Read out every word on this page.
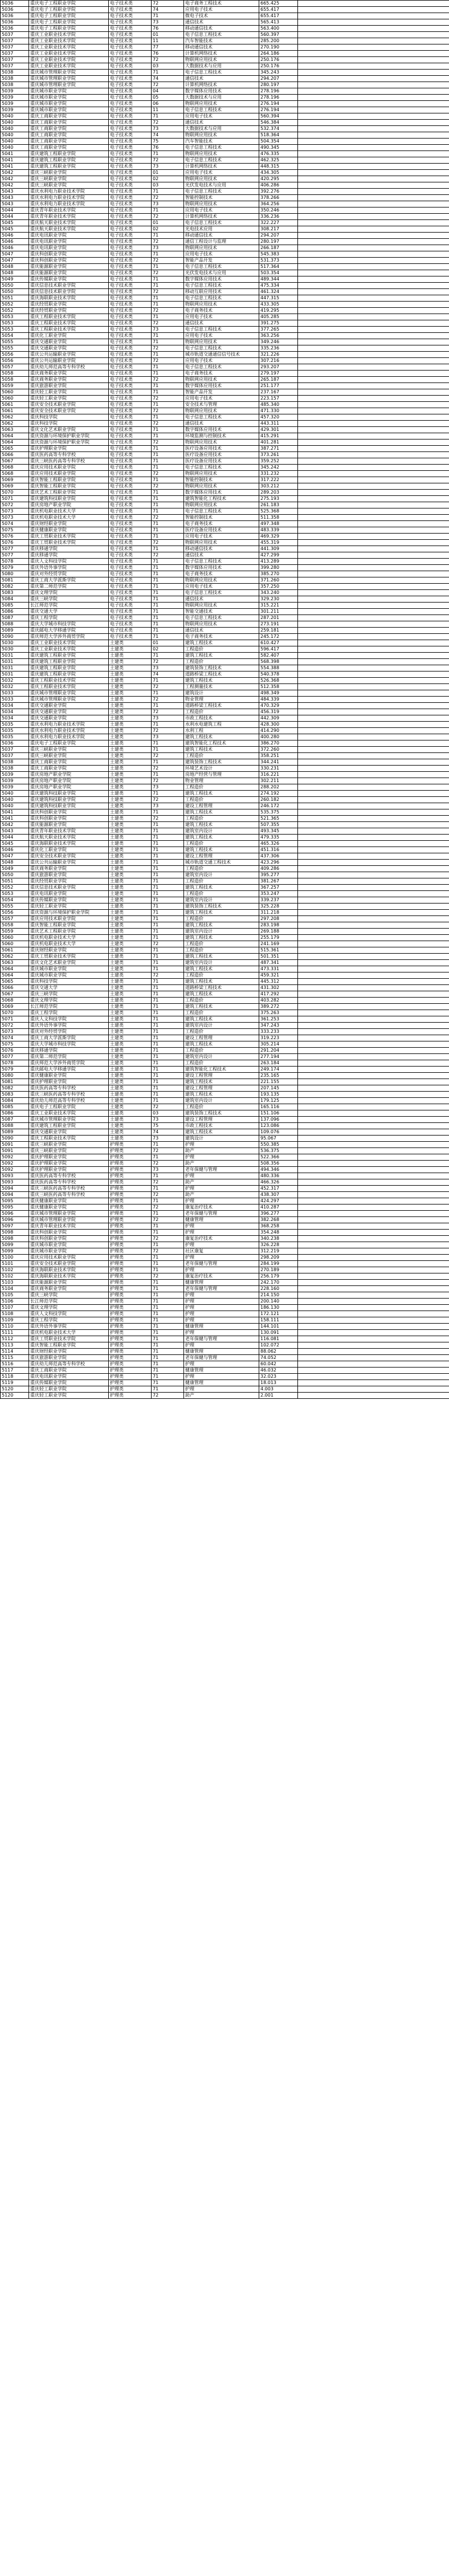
5036	重庆电子工程职业学院	电子技术类	72	电子商务工程技术	665.425	
5036	重庆电子工程职业学院	电子技术类	74	应用电子技术	655.417	
5036	重庆电子工程职业学院	电子技术类	71	微电子技术	655.417	
5036	重庆电子工程职业学院	电子技术类	73	通信技术	565.413	
5036	重庆电子工程职业学院	电子技术类	76	移动通信技术	563.400	
5037	重庆工业职业技术学院	电子技术类	01	电子信息工程技术	560.397	
5037	重庆工业职业技术学院	电子技术类	11	汽车智能技术	285.200	
5037	重庆工业职业技术学院	电子技术类	77	移动通信技术	270.190	
5037	重庆工业职业技术学院	电子技术类	76	计算机网络技术	264.186	
5037	重庆工业职业技术学院	电子技术类	72	物联网应用技术	250.176	
5037	重庆工业职业技术学院	电子技术类	03	大数据技术与应用	250.176	
5038	重庆城市管理职业学院	电子技术类	71	电子信息工程技术	345.243	
5038	重庆城市管理职业学院	电子技术类	74	通信技术	294.207	
5038	重庆城市管理职业学院	电子技术类	72	计算机网络技术	280.197	
5039	重庆城市职业学院	电子技术类	04	数字媒体应用技术	278.196	
5039	重庆城市职业学院	电子技术类	05	大数据技术与应用	278.196	
5039	重庆城市职业学院	电子技术类	06	物联网应用技术	276.194	
5039	重庆城市职业学院	电子技术类	11	电子信息工程技术	276.194	
5040	重庆工商职业学院	电子技术类	71	应用电子技术	560.394	
5040	重庆工商职业学院	电子技术类	72	通信技术	546.384	
5040	重庆工商职业学院	电子技术类	73	大数据技术与应用	532.374	
5040	重庆工商职业学院	电子技术类	74	物联网应用技术	518.364	
5040	重庆工商职业学院	电子技术类	75	汽车智能技术	504.354	
5040	重庆工商职业学院	电子技术类	76	电子信息工程技术	490.345	
5041	重庆建筑工程职业学院	电子技术类	71	物联网应用技术	476.335	
5041	重庆建筑工程职业学院	电子技术类	72	电子信息工程技术	462.325	
5041	重庆建筑工程职业学院	电子技术类	73	计算机网络技术	448.315	
5042	重庆三峡职业学院	电子技术类	01	应用电子技术	434.305	
5042	重庆三峡职业学院	电子技术类	02	物联网应用技术	420.295	
5042	重庆三峡职业学院	电子技术类	03	光伏发电技术与应用	406.286	
5043	重庆水利电力职业技术学院	电子技术类	71	电子信息工程技术	392.276	
5043	重庆水利电力职业技术学院	电子技术类	72	智能控制技术	378.266	
5043	重庆水利电力职业技术学院	电子技术类	73	物联网应用技术	364.256	
5044	重庆青年职业技术学院	电子技术类	71	应用电子技术	350.246	
5044	重庆青年职业技术学院	电子技术类	72	计算机网络技术	336.236	
5045	重庆航天职业技术学院	电子技术类	01	电子信息工程技术	322.227	
5045	重庆航天职业技术学院	电子技术类	02	光电技术应用	308.217	
5046	重庆电讯职业学院	电子技术类	71	移动通信技术	294.207	
5046	重庆电讯职业学院	电子技术类	72	通信工程设计与监理	280.197	
5046	重庆电讯职业学院	电子技术类	73	物联网应用技术	266.187	
5047	重庆科创职业学院	电子技术类	71	应用电子技术	545.383	
5047	重庆科创职业学院	电子技术类	72	智能产品开发	531.373	
5048	重庆能源职业学院	电子技术类	71	电子信息工程技术	517.364	
5048	重庆能源职业学院	电子技术类	72	光伏发电技术与应用	503.354	
5049	重庆传媒职业学院	电子技术类	71	数字媒体应用技术	489.344	
5050	重庆信息技术职业学院	电子技术类	71	电子信息工程技术	475.334	
5050	重庆信息技术职业学院	电子技术类	72	移动互联应用技术	461.324	
5051	重庆海联职业技术学院	电子技术类	71	电子信息工程技术	447.315	
5052	重庆经贸职业学院	电子技术类	71	物联网应用技术	433.305	
5052	重庆经贸职业学院	电子技术类	72	电子商务技术	419.295	
5053	重庆工程职业技术学院	电子技术类	71	应用电子技术	405.285	
5053	重庆工程职业技术学院	电子技术类	72	通信技术	391.275	
5053	重庆工程职业技术学院	电子技术类	73	电子信息工程技术	377.265	
5054	重庆化工职业学院	电子技术类	71	应用电子技术	363.256	
5055	重庆交通职业学院	电子技术类	71	物联网应用技术	349.246	
5055	重庆交通职业学院	电子技术类	72	电子信息工程技术	335.236	
5056	重庆公共运输职业学院	电子技术类	71	城市轨道交通通信信号技术	321.226	
5056	重庆公共运输职业学院	电子技术类	72	应用电子技术	307.216	
5057	重庆幼儿师范高等专科学校	电子技术类	71	电子信息工程技术	293.207	
5058	重庆商务职业学院	电子技术类	71	电子商务技术	279.197	
5058	重庆商务职业学院	电子技术类	72	物联网应用技术	265.187	
5059	重庆旅游职业学院	电子技术类	71	数字媒体应用技术	251.177	
5060	重庆轻工职业学院	电子技术类	71	智能产品开发	237.167	
5060	重庆轻工职业学院	电子技术类	72	应用电子技术	223.157	
5061	重庆安全技术职业学院	电子技术类	71	安全技术与管理	485.340	
5061	重庆安全技术职业学院	电子技术类	72	物联网应用技术	471.330	
5062	重庆科技学院	电子技术类	71	电子信息工程技术	457.320	
5062	重庆科技学院	电子技术类	72	通信技术	443.311	
5063	重庆文化艺术职业学院	电子技术类	71	数字媒体应用技术	429.301	
5064	重庆资源与环境保护职业学院	电子技术类	71	环境监测与控制技术	415.291	
5064	重庆资源与环境保护职业学院	电子技术类	72	物联网应用技术	401.281	
5065	重庆护理职业学院	电子技术类	71	医疗设备应用技术	387.271	
5066	重庆医药高等专科学校	电子技术类	71	医疗设备应用技术	373.261	
5067	重庆三峡医药高等专科学校	电子技术类	71	医疗设备应用技术	359.252	
5068	重庆应用技术职业学院	电子技术类	71	电子信息工程技术	345.242	
5068	重庆应用技术职业学院	电子技术类	72	物联网应用技术	331.232	
5069	重庆智能工程职业学院	电子技术类	71	智能控制技术	317.222	
5069	重庆智能工程职业学院	电子技术类	72	物联网应用技术	303.212	
5070	重庆艺术工程职业学院	电子技术类	71	数字媒体应用技术	289.203	
5071	重庆建筑科技职业学院	电子技术类	71	建筑智能化工程技术	275.193	
5072	重庆房地产职业学院	电子技术类	71	物联网应用技术	261.183	
5073	重庆机电职业技术大学	电子技术类	71	电子信息工程技术	525.368	
5073	重庆机电职业技术大学	电子技术类	72	智能控制技术	511.358	
5074	重庆财经职业学院	电子技术类	71	电子商务技术	497.348	
5075	重庆健康职业学院	电子技术类	71	医疗设备应用技术	483.339	
5076	重庆工贸职业技术学院	电子技术类	71	应用电子技术	469.329	
5076	重庆工贸职业技术学院	电子技术类	72	物联网应用技术	455.319	
5077	重庆移通学院	电子技术类	71	移动通信技术	441.309	
5077	重庆移通学院	电子技术类	72	通信技术	427.299	
5078	重庆人文科技学院	电子技术类	71	电子信息工程技术	413.289	
5079	重庆外语外事学院	电子技术类	71	数字媒体应用技术	399.280	
5080	重庆对外经贸学院	电子技术类	71	电子商务技术	385.270	
5081	重庆工商大学派斯学院	电子技术类	71	物联网应用技术	371.260	
5082	重庆第二师范学院	电子技术类	71	应用电子技术	357.250	
5083	重庆文理学院	电子技术类	71	电子信息工程技术	343.240	
5084	重庆三峡学院	电子技术类	71	通信技术	329.230	
5085	长江师范学院	电子技术类	71	物联网应用技术	315.221	
5086	重庆交通大学	电子技术类	71	智能交通技术	301.211	
5087	重庆工程学院	电子技术类	71	电子信息工程技术	287.201	
5088	重庆大学城市科技学院	电子技术类	71	物联网应用技术	273.191	
5089	重庆邮电大学移通学院	电子技术类	71	通信技术	259.181	
5090	重庆师范大学涉外商贸学院	电子技术类	71	电子商务技术	245.172	
5030	重庆工业职业技术学院	土建类	01	建筑工程技术	610.427	
5030	重庆工业职业技术学院	土建类	02	工程造价	596.417	
5031	重庆建筑工程职业学院	土建类	71	建筑工程技术	582.407	
5031	重庆建筑工程职业学院	土建类	72	工程造价	568.398	
5031	重庆建筑工程职业学院	土建类	73	建筑装饰工程技术	554.388	
5031	重庆建筑工程职业学院	土建类	74	道路桥梁工程技术	540.378	
5032	重庆工程职业技术学院	土建类	71	建筑工程技术	526.368	
5032	重庆工程职业技术学院	土建类	72	工程测量技术	512.358	
5033	重庆城市管理职业学院	土建类	71	建筑设计	498.349	
5033	重庆城市管理职业学院	土建类	72	物业管理	484.339	
5034	重庆交通职业学院	土建类	71	道路桥梁工程技术	470.329	
5034	重庆交通职业学院	土建类	72	工程造价	456.319	
5034	重庆交通职业学院	土建类	73	市政工程技术	442.309	
5035	重庆水利电力职业技术学院	土建类	71	水利水电建筑工程	428.300	
5035	重庆水利电力职业技术学院	土建类	72	水利工程	414.290	
5035	重庆水利电力职业技术学院	土建类	73	建筑工程技术	400.280	
5036	重庆电子工程职业学院	土建类	71	建筑智能化工程技术	386.270	
5037	重庆三峡职业学院	土建类	71	建筑工程技术	372.260	
5037	重庆三峡职业学院	土建类	72	工程造价	358.251	
5038	重庆工商职业学院	土建类	71	建筑装饰工程技术	344.241	
5038	重庆工商职业学院	土建类	72	环境艺术设计	330.231	
5039	重庆房地产职业学院	土建类	71	房地产经营与管理	316.221	
5039	重庆房地产职业学院	土建类	72	物业管理	302.211	
5039	重庆房地产职业学院	土建类	73	工程造价	288.202	
5040	重庆建筑科技职业学院	土建类	71	建筑工程技术	274.192	
5040	重庆建筑科技职业学院	土建类	72	工程造价	260.182	
5040	重庆建筑科技职业学院	土建类	73	建设工程管理	246.172	
5041	重庆科创职业学院	土建类	71	建筑工程技术	535.375	
5041	重庆科创职业学院	土建类	72	工程造价	521.365	
5042	重庆能源职业学院	土建类	71	建筑工程技术	507.355	
5043	重庆青年职业技术学院	土建类	71	建筑室内设计	493.345	
5044	重庆航天职业技术学院	土建类	71	建筑工程技术	479.335	
5045	重庆海联职业技术学院	土建类	71	工程造价	465.326	
5046	重庆化工职业学院	土建类	71	建筑工程技术	451.316	
5047	重庆安全技术职业学院	土建类	71	建设工程管理	437.306	
5048	重庆公共运输职业学院	土建类	71	城市轨道交通工程技术	423.296	
5049	重庆商务职业学院	土建类	71	工程造价	409.286	
5050	重庆旅游职业学院	土建类	71	建筑室内设计	395.277	
5051	重庆经贸职业学院	土建类	71	工程造价	381.267	
5052	重庆信息技术职业学院	土建类	71	建筑工程技术	367.257	
5053	重庆电讯职业学院	土建类	71	工程造价	353.247	
5054	重庆传媒职业学院	土建类	71	建筑室内设计	339.237	
5055	重庆轻工职业学院	土建类	71	建筑装饰工程技术	325.228	
5056	重庆资源与环境保护职业学院	土建类	71	建筑工程技术	311.218	
5057	重庆应用技术职业学院	土建类	71	工程造价	297.208	
5058	重庆智能工程职业学院	土建类	71	建筑工程技术	283.198	
5059	重庆艺术工程职业学院	土建类	71	建筑室内设计	269.188	
5060	重庆机电职业技术大学	土建类	71	建筑工程技术	255.179	
5060	重庆机电职业技术大学	土建类	72	工程造价	241.169	
5061	重庆财经职业学院	土建类	71	工程造价	515.361	
5062	重庆工贸职业技术学院	土建类	71	建筑工程技术	501.351	
5063	重庆文化艺术职业学院	土建类	71	建筑室内设计	487.341	
5064	重庆城市职业学院	土建类	71	建筑工程技术	473.331	
5064	重庆城市职业学院	土建类	72	工程造价	459.321	
5065	重庆科技学院	土建类	71	建筑工程技术	445.312	
5066	重庆交通大学	土建类	71	道路桥梁工程技术	431.302	
5067	重庆三峡学院	土建类	71	建筑工程技术	417.292	
5068	重庆文理学院	土建类	71	工程造价	403.282	
5069	长江师范学院	土建类	71	建筑工程技术	389.272	
5070	重庆工程学院	土建类	71	工程造价	375.263	
5071	重庆人文科技学院	土建类	71	建筑工程技术	361.253	
5072	重庆外语外事学院	土建类	71	建筑室内设计	347.243	
5073	重庆对外经贸学院	土建类	71	工程造价	333.233	
5074	重庆工商大学派斯学院	土建类	71	建设工程管理	319.223	
5075	重庆大学城市科技学院	土建类	71	建筑工程技术	305.214	
5076	重庆移通学院	土建类	71	工程造价	291.204	
5077	重庆第二师范学院	土建类	71	建筑室内设计	277.194	
5078	重庆师范大学涉外商贸学院	土建类	71	工程造价	263.184	
5079	重庆邮电大学移通学院	土建类	71	建筑智能化工程技术	249.174	
5080	重庆健康职业学院	土建类	71	建设工程管理	235.165	
5081	重庆护理职业学院	土建类	71	建筑工程技术	221.155	
5082	重庆医药高等专科学校	土建类	71	建设工程管理	207.145	
5083	重庆三峡医药高等专科学校	土建类	71	建筑工程技术	193.135	
5084	重庆幼儿师范高等专科学校	土建类	71	建筑室内设计	179.125	
5085	重庆电子工程职业学院	土建类	72	工程造价	165.116	
5086	重庆工业职业技术学院	土建类	03	建筑装饰工程技术	151.106	
5087	重庆城市管理职业学院	土建类	73	建设工程管理	137.096	
5088	重庆建筑工程职业学院	土建类	75	市政工程技术	123.086	
5089	重庆交通职业学院	土建类	74	建筑工程技术	109.076	
5090	重庆工程职业技术学院	土建类	73	建筑设计	95.067	
5091	重庆三峡职业学院	护理类	71	护理	550.385	
5091	重庆三峡职业学院	护理类	72	助产	536.375	
5092	重庆护理职业学院	护理类	71	护理	522.366	
5092	重庆护理职业学院	护理类	72	助产	508.356	
5092	重庆护理职业学院	护理类	73	老年保健与管理	494.346	
5093	重庆医药高等专科学校	护理类	71	护理	480.336	
5093	重庆医药高等专科学校	护理类	72	助产	466.326	
5094	重庆三峡医药高等专科学校	护理类	71	护理	452.317	
5094	重庆三峡医药高等专科学校	护理类	72	助产	438.307	
5095	重庆健康职业学院	护理类	71	护理	424.297	
5095	重庆健康职业学院	护理类	72	康复治疗技术	410.287	
5096	重庆城市管理职业学院	护理类	71	老年保健与管理	396.277	
5096	重庆城市管理职业学院	护理类	72	健康管理	382.268	
5097	重庆青年职业技术学院	护理类	71	护理	368.258	
5098	重庆科创职业学院	护理类	71	护理	354.248	
5098	重庆科创职业学院	护理类	72	康复治疗技术	340.238	
5099	重庆城市职业学院	护理类	71	护理	326.228	
5099	重庆城市职业学院	护理类	72	社区康复	312.219	
5100	重庆应用技术职业学院	护理类	71	护理	298.209	
5101	重庆安全技术职业学院	护理类	71	老年保健与管理	284.199	
5102	重庆海联职业技术学院	护理类	71	护理	270.189	
5102	重庆海联职业技术学院	护理类	72	康复治疗技术	256.179	
5103	重庆能源职业学院	护理类	71	健康管理	242.170	
5104	重庆商务职业学院	护理类	71	老年保健与管理	228.160	
5105	重庆三峡学院	护理类	71	护理	214.150	
5106	长江师范学院	护理类	71	护理	200.140	
5107	重庆文理学院	护理类	71	护理	186.130	
5108	重庆人文科技学院	护理类	71	护理	172.121	
5109	重庆工程学院	护理类	71	护理	158.111	
5110	重庆外语外事学院	护理类	71	健康管理	144.101	
5111	重庆机电职业技术大学	护理类	71	护理	130.091	
5112	重庆工贸职业技术学院	护理类	71	老年保健与管理	116.081	
5113	重庆智能工程职业学院	护理类	71	护理	102.072	
5114	重庆财经职业学院	护理类	71	健康管理	88.062	
5115	重庆旅游职业学院	护理类	71	老年保健与管理	74.052	
5116	重庆幼儿师范高等专科学校	护理类	71	护理	60.042	
5117	重庆工商职业学院	护理类	71	健康管理	46.032	
5118	重庆电讯职业学院	护理类	71	护理	32.023	
5119	重庆传媒职业学院	护理类	71	健康管理	18.013	
5120	重庆轻工职业学院	护理类	71	护理	4.003	
5120	重庆轻工职业学院	护理类	72	助产	2.001	
